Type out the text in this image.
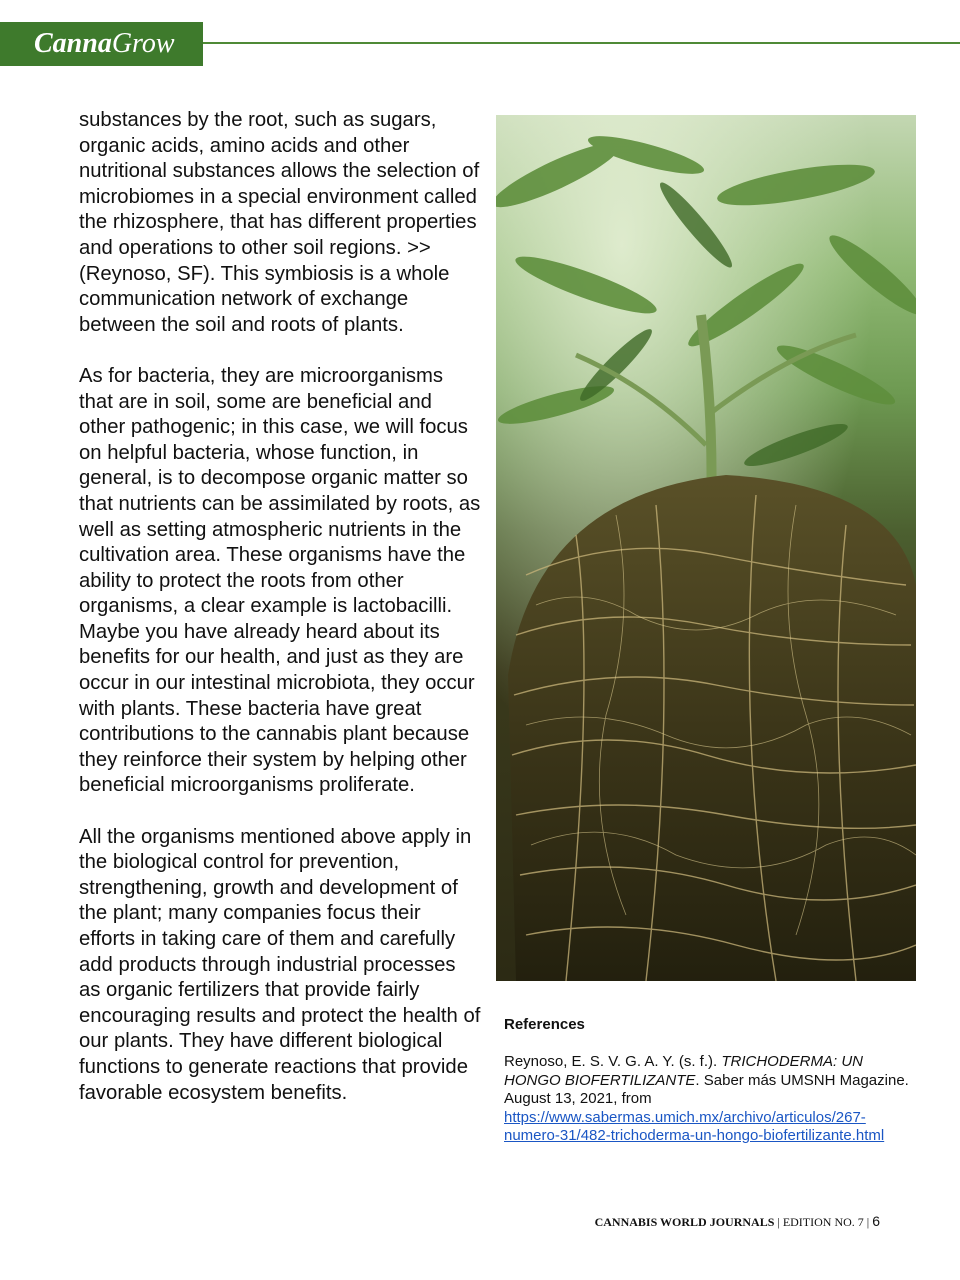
CannaGrow

substances by the root, such as sugars, organic acids, amino acids and other nutritional substances allows the selection of microbiomes in a special environment called the rhizosphere, that has different properties and operations to other soil regions. >> (Reynoso, SF). This symbiosis is a whole communication network of exchange between the soil and roots of plants.

As for bacteria, they are microorganisms that are in soil, some are beneficial and other pathogenic; in this case, we will focus on helpful bacteria, whose function, in general, is to decompose organic matter so that nutrients can be assimilated by roots, as well as setting atmospheric nutrients in the cultivation area. These organisms have the ability to protect the roots from other organisms, a clear example is lactobacilli. Maybe you have already heard about its benefits for our health, and just as they are occur in our intestinal microbiota, they occur with plants. These bacteria have great contributions to the cannabis plant because they reinforce their system by helping other beneficial microorganisms proliferate.

All the organisms mentioned above apply in the biological control for prevention, strengthening, growth and development of the plant; many companies focus their efforts in taking care of them and carefully add products through industrial processes as organic fertilizers that provide fairly encouraging results and protect the health of our plants. They have different biological functions to generate reactions that provide favorable ecosystem benefits.

References
Reynoso, E. S. V. G. A. Y. (s. f.). TRICHODERMA: UN HONGO BIOFERTILIZANTE. Saber más UMSNH Magazine. August 13, 2021, from https://www.sabermas.umich.mx/archivo/articulos/267-numero-31/482-trichoderma-un-hongo-biofertilizante.html
CANNABIS WORLD JOURNALS | EDITION NO. 7 | 6
